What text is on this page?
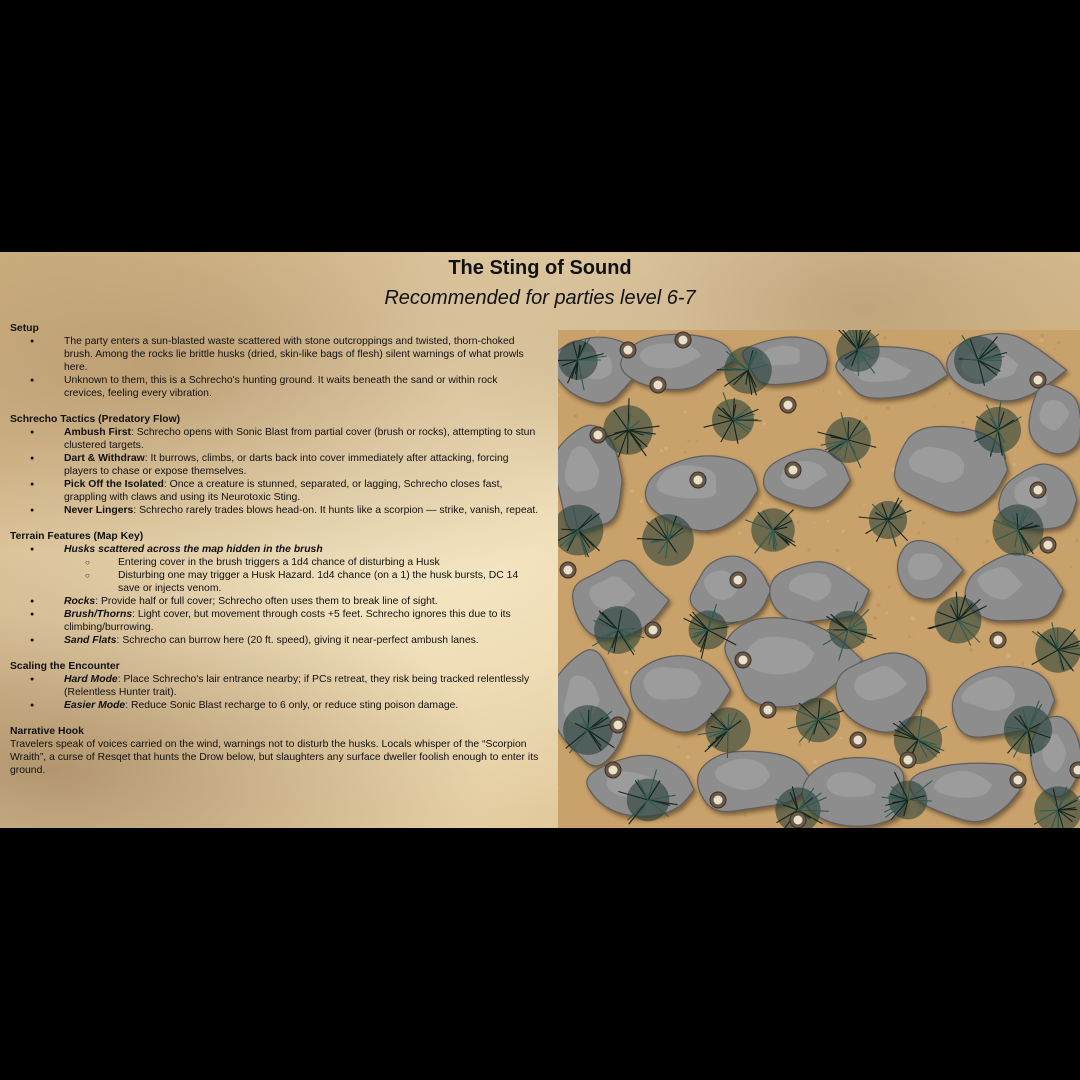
The Sting of Sound
Recommended for parties level 6-7
Setup
● The party enters a sun-blasted waste scattered with stone outcroppings and twisted, thorn-choked brush. Among the rocks lie brittle husks (dried, skin-like bags of flesh) silent warnings of what prowls here.
● Unknown to them, this is a Schrecho's hunting ground. It waits beneath the sand or within rock crevices, feeling every vibration.
Schrecho Tactics (Predatory Flow)
● Ambush First: Schrecho opens with Sonic Blast from partial cover (brush or rocks), attempting to stun clustered targets.
● Dart & Withdraw: It burrows, climbs, or darts back into cover immediately after attacking, forcing players to chase or expose themselves.
● Pick Off the Isolated: Once a creature is stunned, separated, or lagging, Schrecho closes fast, grappling with claws and using its Neurotoxic Sting.
● Never Lingers: Schrecho rarely trades blows head-on. It hunts like a scorpion — strike, vanish, repeat.
Terrain Features (Map Key)
● Husks scattered across the map hidden in the brush
○ Entering cover in the brush triggers a 1d4 chance of disturbing a Husk
○ Disturbing one may trigger a Husk Hazard. 1d4 chance (on a 1) the husk bursts, DC 14 save or injects venom.
● Rocks: Provide half or full cover; Schrecho often uses them to break line of sight.
● Brush/Thorns: Light cover, but movement through costs +5 feet. Schrecho ignores this due to its climbing/burrowing.
● Sand Flats: Schrecho can burrow here (20 ft. speed), giving it near-perfect ambush lanes.
Scaling the Encounter
● Hard Mode: Place Schrecho's lair entrance nearby; if PCs retreat, they risk being tracked relentlessly (Relentless Hunter trait).
● Easier Mode: Reduce Sonic Blast recharge to 6 only, or reduce sting poison damage.
Narrative Hook
Travelers speak of voices carried on the wind, warnings not to disturb the husks. Locals whisper of the “Scorpion Wraith”, a curse of Resqet that hunts the Drow below, but slaughters any surface dweller foolish enough to enter its ground.
